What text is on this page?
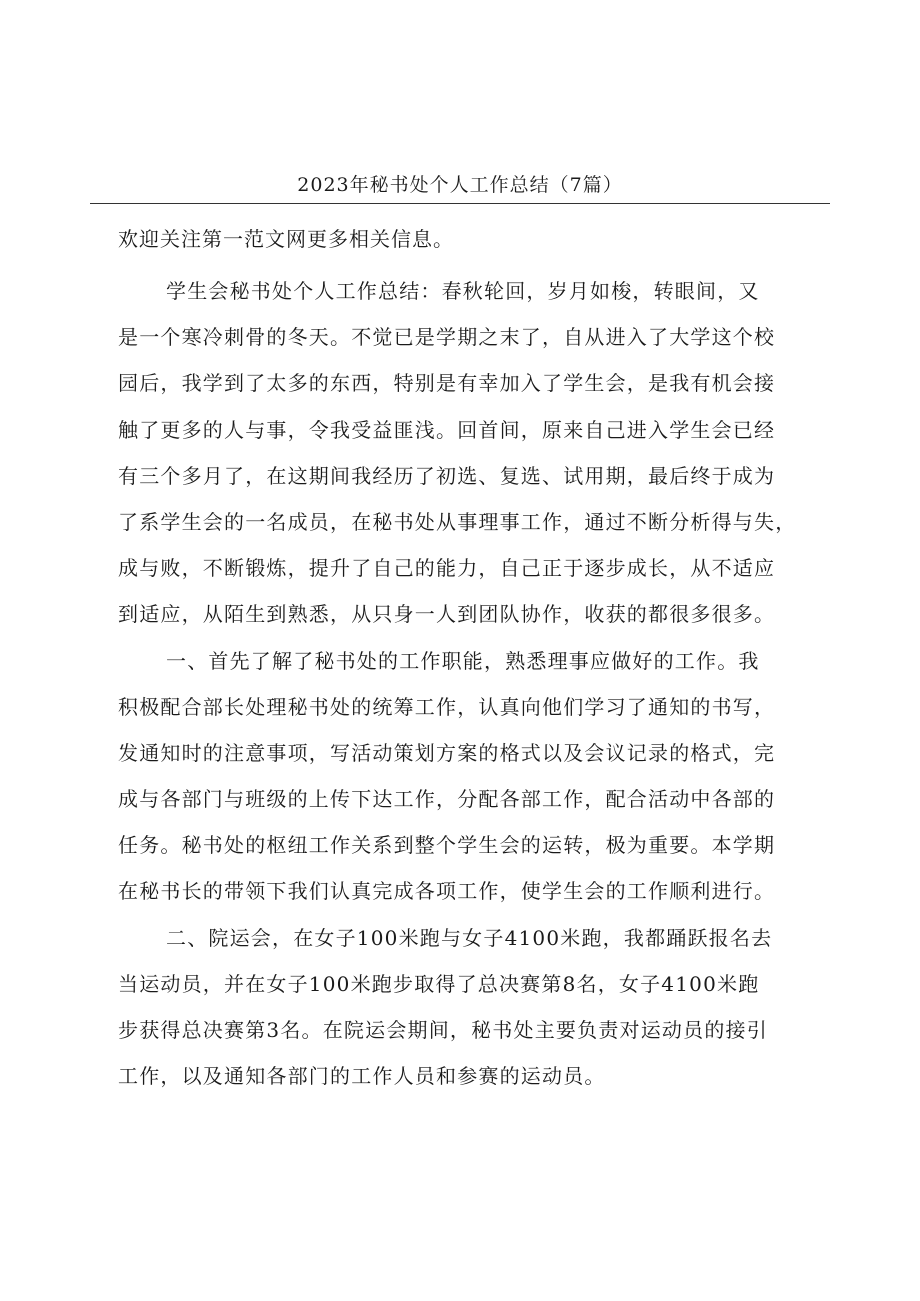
2023年秘书处个人工作总结（7篇）
欢迎关注第一范文网更多相关信息。
学生会秘书处个人工作总结：春秋轮回，岁月如梭，转眼间，又
是一个寒冷刺骨的冬天。不觉已是学期之末了，自从进入了大学这个校
园后，我学到了太多的东西，特别是有幸加入了学生会，是我有机会接
触了更多的人与事，令我受益匪浅。回首间，原来自己进入学生会已经
有三个多月了，在这期间我经历了初选、复选、试用期，最后终于成为
了系学生会的一名成员，在秘书处从事理事工作，通过不断分析得与失，
成与败，不断锻炼，提升了自己的能力，自己正于逐步成长，从不适应
到适应，从陌生到熟悉，从只身一人到团队协作，收获的都很多很多。
一、首先了解了秘书处的工作职能，熟悉理事应做好的工作。我
积极配合部长处理秘书处的统筹工作，认真向他们学习了通知的书写，
发通知时的注意事项，写活动策划方案的格式以及会议记录的格式，完
成与各部门与班级的上传下达工作，分配各部工作，配合活动中各部的
任务。秘书处的枢纽工作关系到整个学生会的运转，极为重要。本学期
在秘书长的带领下我们认真完成各项工作，使学生会的工作顺利进行。
二、院运会，在女子100米跑与女子4100米跑，我都踊跃报名去
当运动员，并在女子100米跑步取得了总决赛第8名，女子4100米跑
步获得总决赛第3名。在院运会期间，秘书处主要负责对运动员的接引
工作，以及通知各部门的工作人员和参赛的运动员。
